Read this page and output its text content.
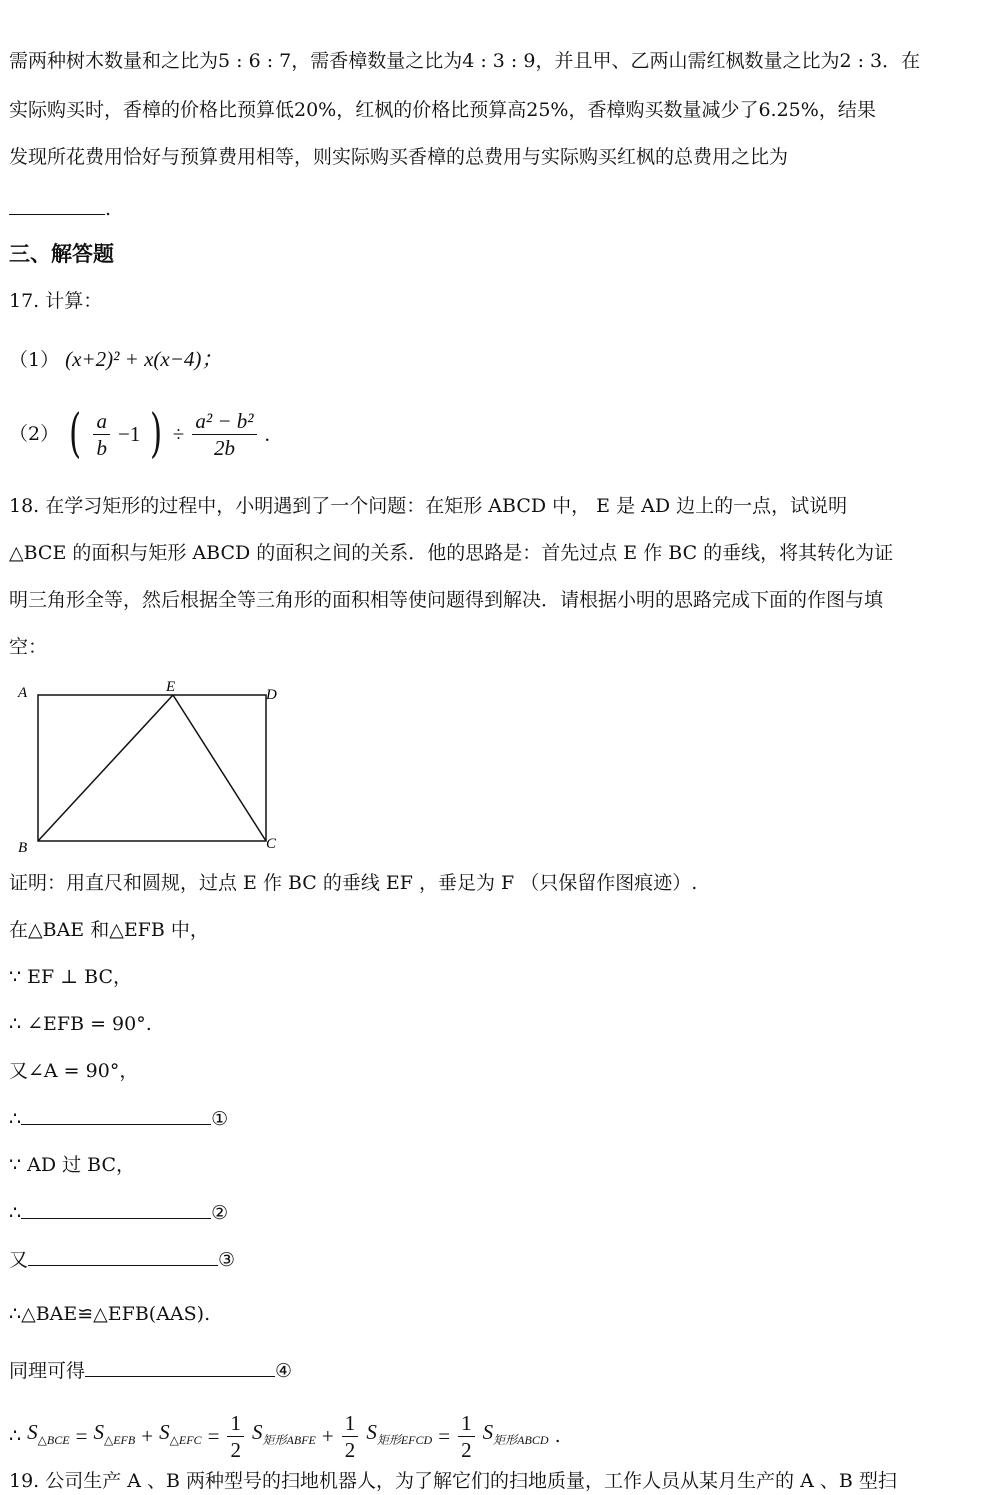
需两种树木数量和之比为5 : 6 : 7，需香樟数量之比为4 : 3 : 9，并且甲、乙两山需红枫数量之比为2 : 3．在
实际购买时，香樟的价格比预算低20%，红枫的价格比预算高25%，香樟购买数量减少了6.25%，结果
发现所花费用恰好与预算费用相等，则实际购买香樟的总费用与实际购买红枫的总费用之比为
.
三、解答题
17. 计算：
（1） (x+2)² + x(x−4)；
（2） ( $\frac{a}{b} -1$ ) ÷ $\frac{\text{a² − b²}}{2b}$ .
18. 在学习矩形的过程中，小明遇到了一个问题：在矩形 ABCD 中， E 是 AD 边上的一点，试说明
△BCE 的面积与矩形 ABCD 的面积之间的关系．他的思路是：首先过点 E 作 BC 的垂线，将其转化为证
明三角形全等，然后根据全等三角形的面积相等使问题得到解决．请根据小明的思路完成下面的作图与填
空：
A	E	D
B	C
证明：用直尺和圆规，过点 E 作 BC 的垂线 EF ，垂足为 F （只保留作图痕迹）.
在△BAE 和△EFB 中，
∵ EF ⊥ BC，
∴ ∠EFB = 90°.
又∠A = 90°，
∴	①
∵ AD 过 BC，
∴	②
又	③
∴△BAE≌△EFB(AAS).
同理可得	④
∴ $S_{\triangle BCE} = S_{\triangle EFB} + S_{\triangle EFC} = \frac{1}{2} S_{矩形ABFE} + \frac{1}{2} S_{矩形EFCD} = \frac{1}{2} S_{矩形ABCD}$ .
19. 公司生产 A 、B 两种型号的扫地机器人，为了解它们的扫地质量，工作人员从某月生产的 A 、B 型扫
